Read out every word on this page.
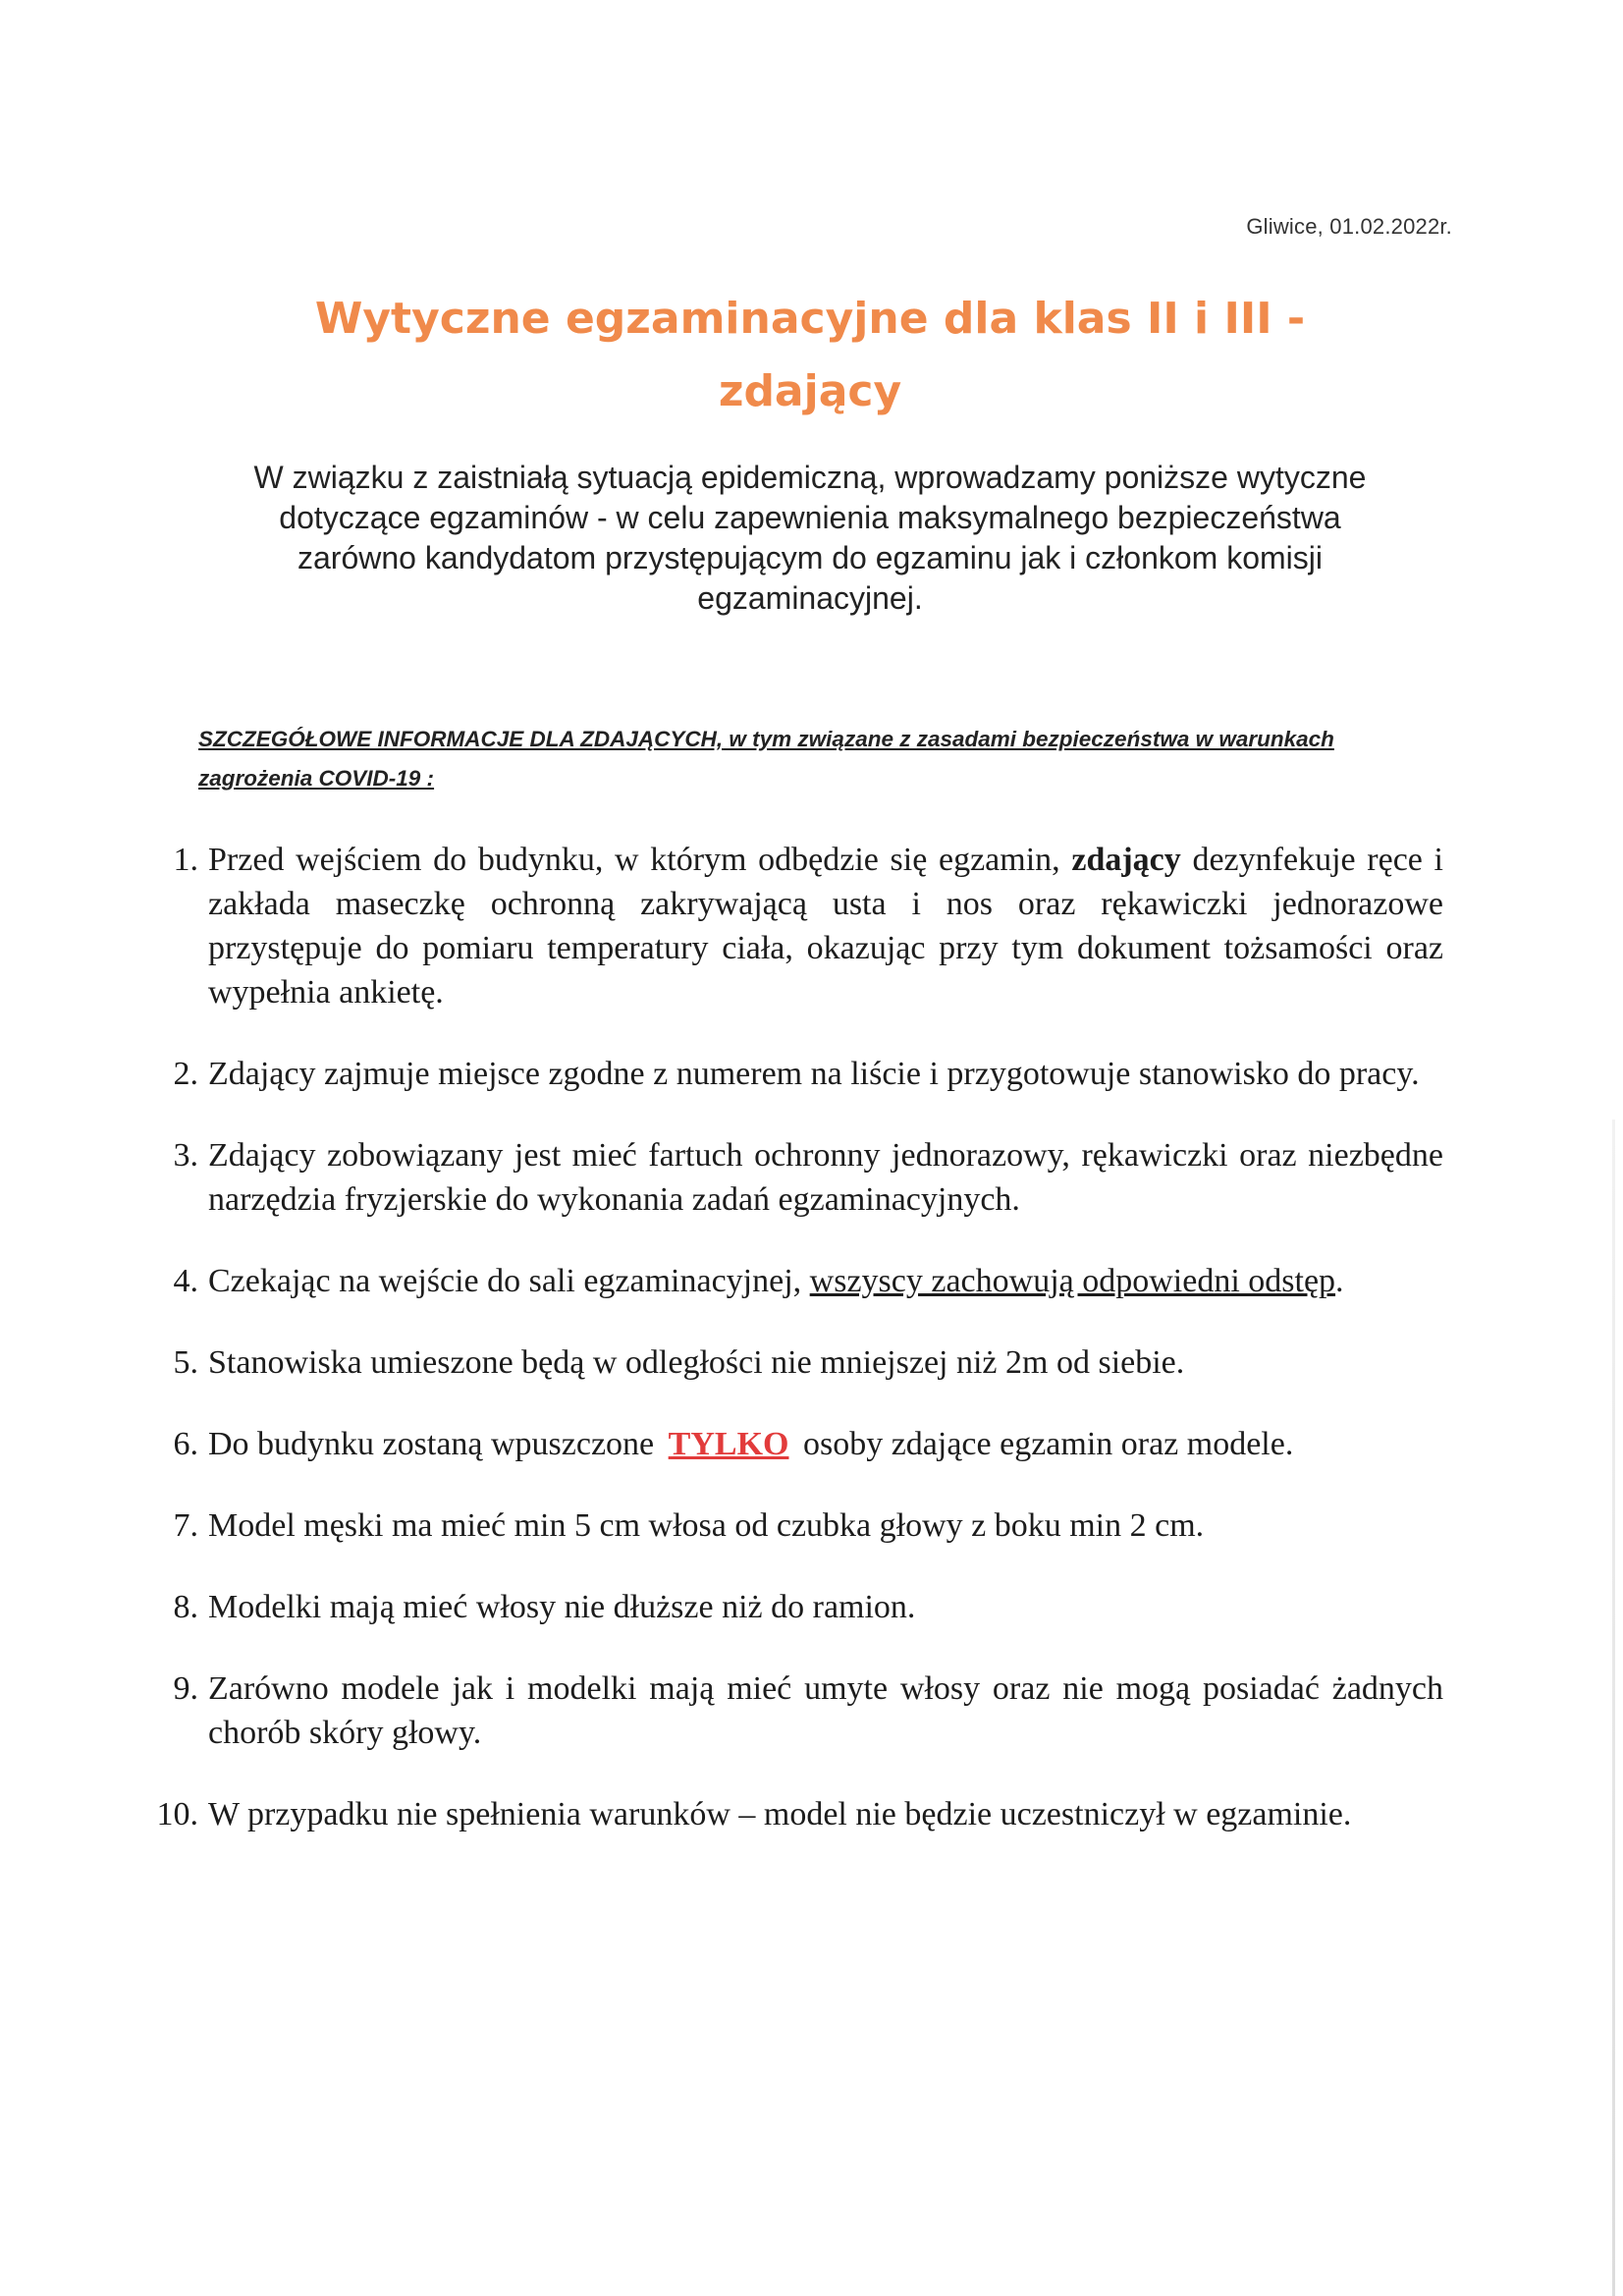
Gliwice, 01.02.2022r.
Wytyczne egzaminacyjne dla klas II i III -
zdający

W związku z zaistniałą sytuacją epidemiczną, wprowadzamy poniższe wytyczne dotyczące egzaminów - w celu zapewnienia maksymalnego bezpieczeństwa zarówno kandydatom przystępującym do egzaminu jak i członkom komisji egzaminacyjnej.

SZCZEGÓŁOWE INFORMACJE DLA ZDAJĄCYCH, w tym związane z zasadami bezpieczeństwa w warunkach zagrożenia COVID-19 :

1. Przed wejściem do budynku, w którym odbędzie się egzamin, zdający dezynfekuje ręce i zakłada maseczkę ochronną zakrywającą usta i nos oraz rękawiczki jednorazowe przystępuje do pomiaru temperatury ciała, okazując przy tym dokument tożsamości oraz wypełnia ankietę.
2. Zdający zajmuje miejsce zgodne z numerem na liście i przygotowuje stanowisko do pracy.
3. Zdający zobowiązany jest mieć fartuch ochronny jednorazowy, rękawiczki oraz niezbędne narzędzia fryzjerskie do wykonania zadań egzaminacyjnych.
4. Czekając na wejście do sali egzaminacyjnej, wszyscy zachowują odpowiedni odstęp.
5. Stanowiska umieszone będą w odległości nie mniejszej niż 2m od siebie.
6. Do budynku zostaną wpuszczone TYLKO osoby zdające egzamin oraz modele.
7. Model męski ma mieć min 5 cm włosa od czubka głowy z boku min 2 cm.
8. Modelki mają mieć włosy nie dłuższe niż do ramion.
9. Zarówno modele jak i modelki mają mieć umyte włosy oraz nie mogą posiadać żadnych chorób skóry głowy.
10. W przypadku nie spełnienia warunków – model nie będzie uczestniczył w egzaminie.
